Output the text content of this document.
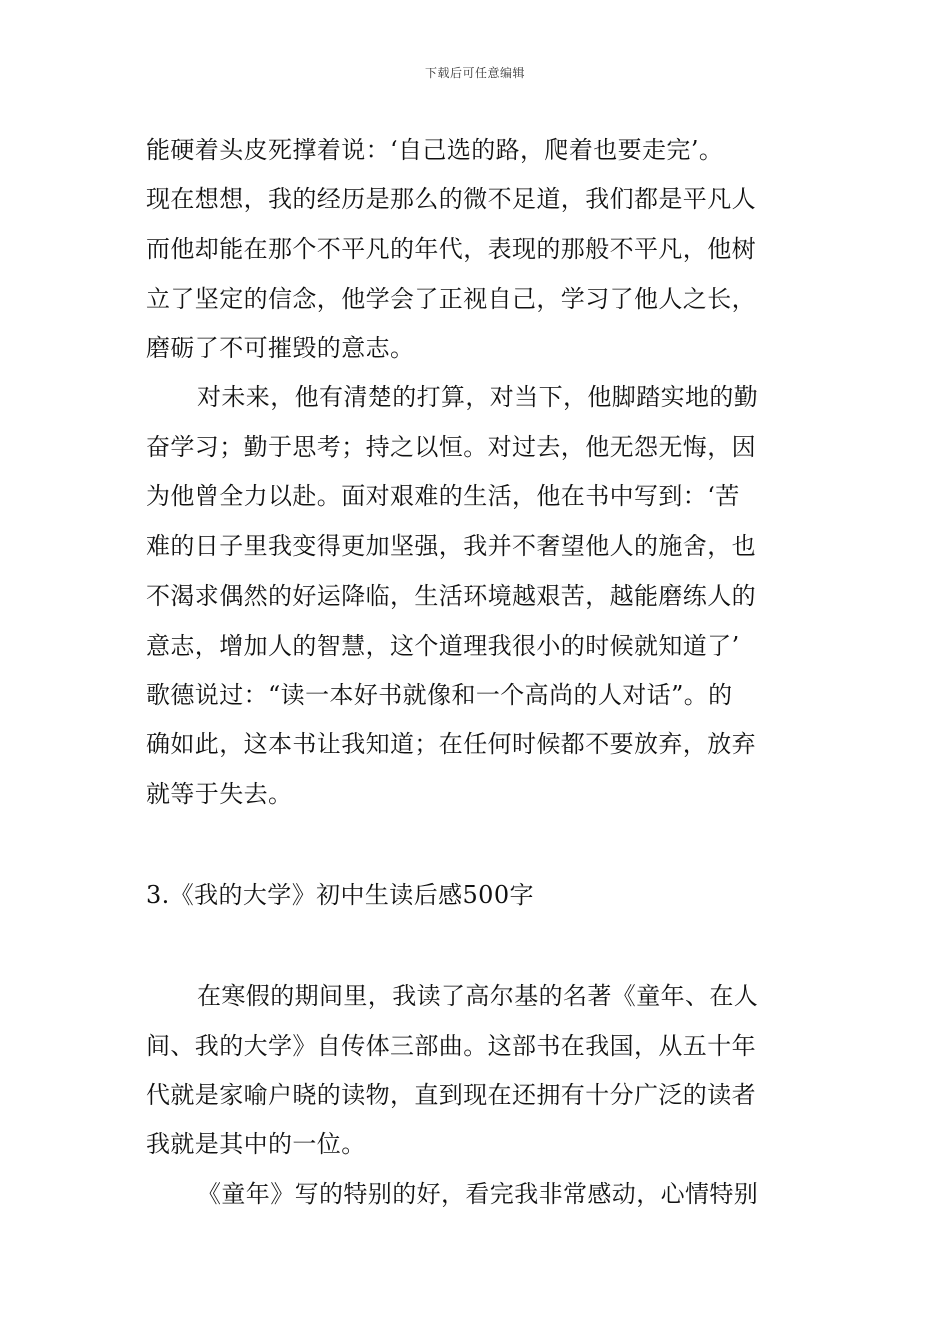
下载后可任意编辑
能硬着头皮死撑着说：‘自己选的路，爬着也要走完’。
现在想想，我的经历是那么的微不足道，我们都是平凡人
而他却能在那个不平凡的年代，表现的那般不平凡，他树
立了坚定的信念，他学会了正视自己，学习了他人之长，
磨砺了不可摧毁的意志。
对未来，他有清楚的打算，对当下，他脚踏实地的勤
奋学习；勤于思考；持之以恒。对过去，他无怨无悔，因
为他曾全力以赴。面对艰难的生活，他在书中写到：‘苦
难的日子里我变得更加坚强，我并不奢望他人的施舍，也
不渴求偶然的好运降临，生活环境越艰苦，越能磨练人的
意志，增加人的智慧，这个道理我很小的时候就知道了’
歌德说过：“读一本好书就像和一个高尚的人对话”。的
确如此，这本书让我知道；在任何时候都不要放弃，放弃
就等于失去。
3.《我的大学》初中生读后感500字
在寒假的期间里，我读了高尔基的名著《童年、在人
间、我的大学》自传体三部曲。这部书在我国，从五十年
代就是家喻户晓的读物，直到现在还拥有十分广泛的读者
我就是其中的一位。
《童年》写的特别的好，看完我非常感动，心情特别
